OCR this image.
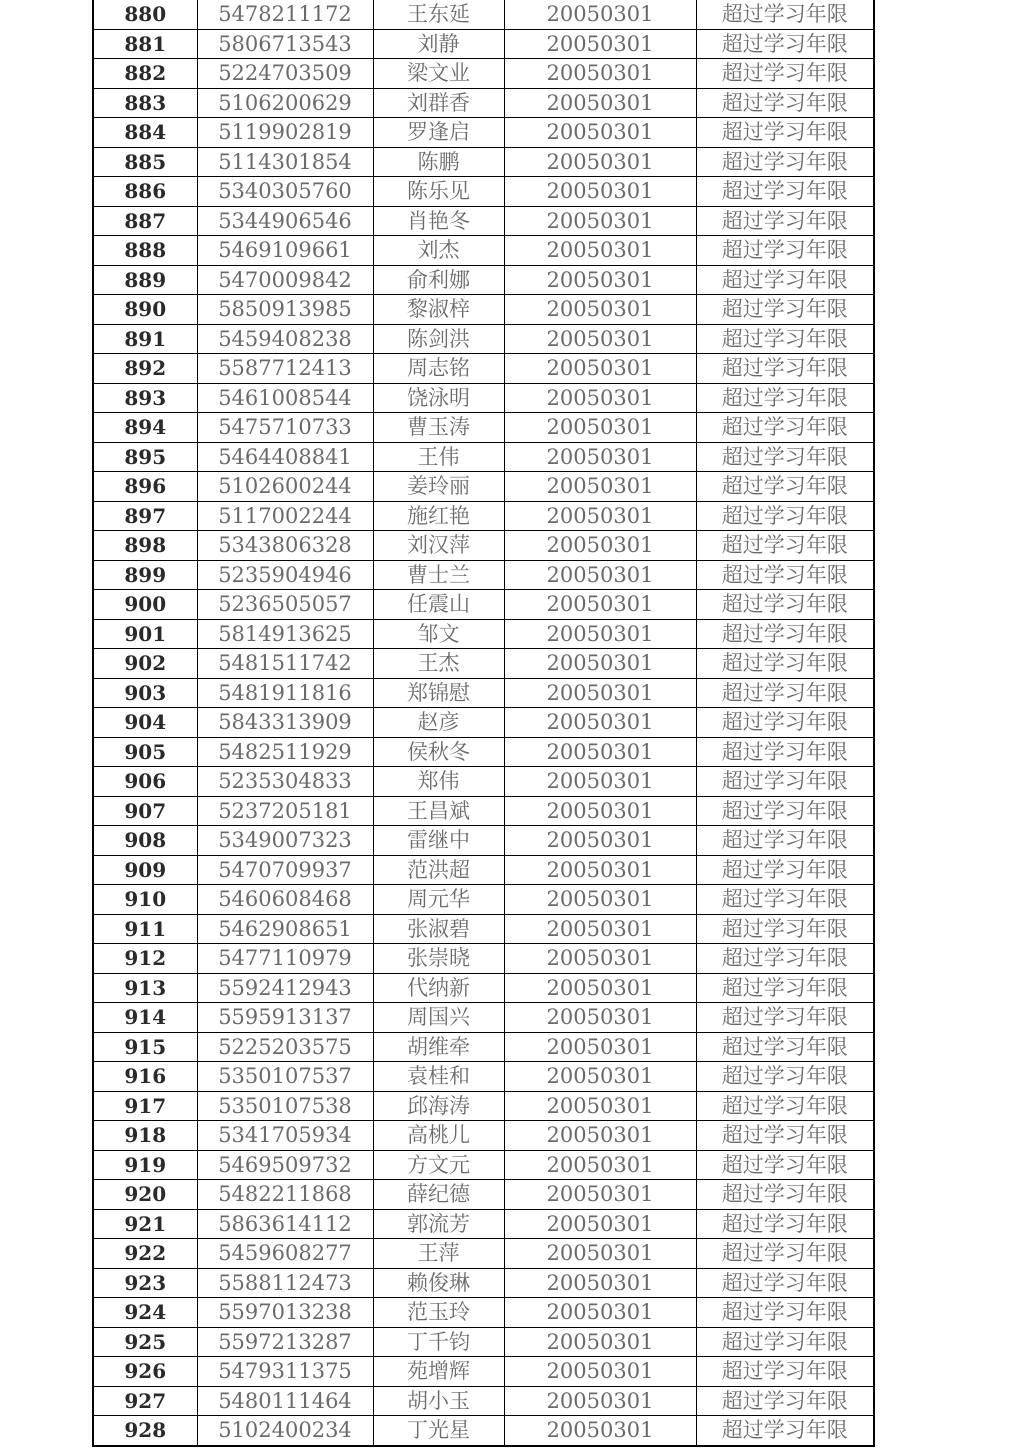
880	5478211172	王东延	20050301	超过学习年限
881	5806713543	刘静	20050301	超过学习年限
882	5224703509	梁文业	20050301	超过学习年限
883	5106200629	刘群香	20050301	超过学习年限
884	5119902819	罗逢启	20050301	超过学习年限
885	5114301854	陈鹏	20050301	超过学习年限
886	5340305760	陈乐见	20050301	超过学习年限
887	5344906546	肖艳冬	20050301	超过学习年限
888	5469109661	刘杰	20050301	超过学习年限
889	5470009842	俞利娜	20050301	超过学习年限
890	5850913985	黎淑梓	20050301	超过学习年限
891	5459408238	陈剑洪	20050301	超过学习年限
892	5587712413	周志铭	20050301	超过学习年限
893	5461008544	饶泳明	20050301	超过学习年限
894	5475710733	曹玉涛	20050301	超过学习年限
895	5464408841	王伟	20050301	超过学习年限
896	5102600244	姜玲丽	20050301	超过学习年限
897	5117002244	施红艳	20050301	超过学习年限
898	5343806328	刘汉萍	20050301	超过学习年限
899	5235904946	曹士兰	20050301	超过学习年限
900	5236505057	任震山	20050301	超过学习年限
901	5814913625	邹文	20050301	超过学习年限
902	5481511742	王杰	20050301	超过学习年限
903	5481911816	郑锦慰	20050301	超过学习年限
904	5843313909	赵彦	20050301	超过学习年限
905	5482511929	侯秋冬	20050301	超过学习年限
906	5235304833	郑伟	20050301	超过学习年限
907	5237205181	王昌斌	20050301	超过学习年限
908	5349007323	雷继中	20050301	超过学习年限
909	5470709937	范洪超	20050301	超过学习年限
910	5460608468	周元华	20050301	超过学习年限
911	5462908651	张淑碧	20050301	超过学习年限
912	5477110979	张崇晓	20050301	超过学习年限
913	5592412943	代纳新	20050301	超过学习年限
914	5595913137	周国兴	20050301	超过学习年限
915	5225203575	胡维牵	20050301	超过学习年限
916	5350107537	袁桂和	20050301	超过学习年限
917	5350107538	邱海涛	20050301	超过学习年限
918	5341705934	高桃儿	20050301	超过学习年限
919	5469509732	方文元	20050301	超过学习年限
920	5482211868	薛纪德	20050301	超过学习年限
921	5863614112	郭流芳	20050301	超过学习年限
922	5459608277	王萍	20050301	超过学习年限
923	5588112473	赖俊琳	20050301	超过学习年限
924	5597013238	范玉玲	20050301	超过学习年限
925	5597213287	丁千钧	20050301	超过学习年限
926	5479311375	苑增辉	20050301	超过学习年限
927	5480111464	胡小玉	20050301	超过学习年限
928	5102400234	丁光星	20050301	超过学习年限
